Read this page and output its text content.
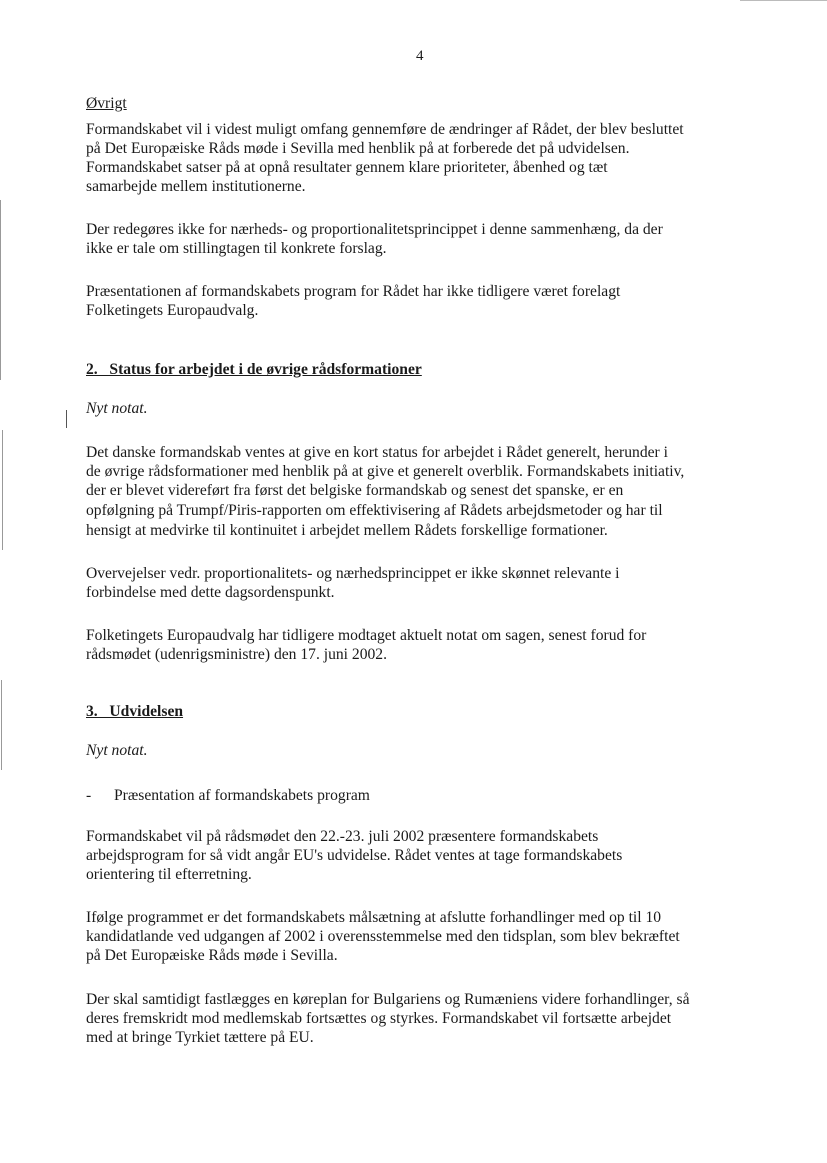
4

Øvrigt

Formandskabet vil i videst muligt omfang gennemføre de ændringer af Rådet, der blev besluttet

på Det Europæiske Råds møde i Sevilla med henblik på at forberede det på udvidelsen.

Formandskabet satser på at opnå resultater gennem klare prioriteter, åbenhed og tæt

samarbejde mellem institutionerne.

Der redegøres ikke for nærheds- og proportionalitetsprincippet i denne sammenhæng, da der

ikke er tale om stillingtagen til konkrete forslag.

Præsentationen af formandskabets program for Rådet har ikke tidligere været forelagt

Folketingets Europaudvalg.

2.   Status for arbejdet i de øvrige rådsformationer

Nyt notat.

Det danske formandskab ventes at give en kort status for arbejdet i Rådet generelt, herunder i

de øvrige rådsformationer med henblik på at give et generelt overblik. Formandskabets initiativ,

der er blevet videreført fra først det belgiske formandskab og senest det spanske, er en

opfølgning på Trumpf/Piris-rapporten om effektivisering af Rådets arbejdsmetoder og har til

hensigt at medvirke til kontinuitet i arbejdet mellem Rådets forskellige formationer.

Overvejelser vedr. proportionalitets- og nærhedsprincippet er ikke skønnet relevante i

forbindelse med dette dagsordenspunkt.

Folketingets Europaudvalg har tidligere modtaget aktuelt notat om sagen, senest forud for

rådsmødet (udenrigsministre) den 17. juni 2002.

3.   Udvidelsen

Nyt notat.

- Præsentation af formandskabets program

Formandskabet vil på rådsmødet den 22.-23. juli 2002 præsentere formandskabets

arbejdsprogram for så vidt angår EU's udvidelse. Rådet ventes at tage formandskabets

orientering til efterretning.

Ifølge programmet er det formandskabets målsætning at afslutte forhandlinger med op til 10

kandidatlande ved udgangen af 2002 i overensstemmelse med den tidsplan, som blev bekræftet

på Det Europæiske Råds møde i Sevilla.

Der skal samtidigt fastlægges en køreplan for Bulgariens og Rumæniens videre forhandlinger, så

deres fremskridt mod medlemskab fortsættes og styrkes. Formandskabet vil fortsætte arbejdet

med at bringe Tyrkiet tættere på EU.
